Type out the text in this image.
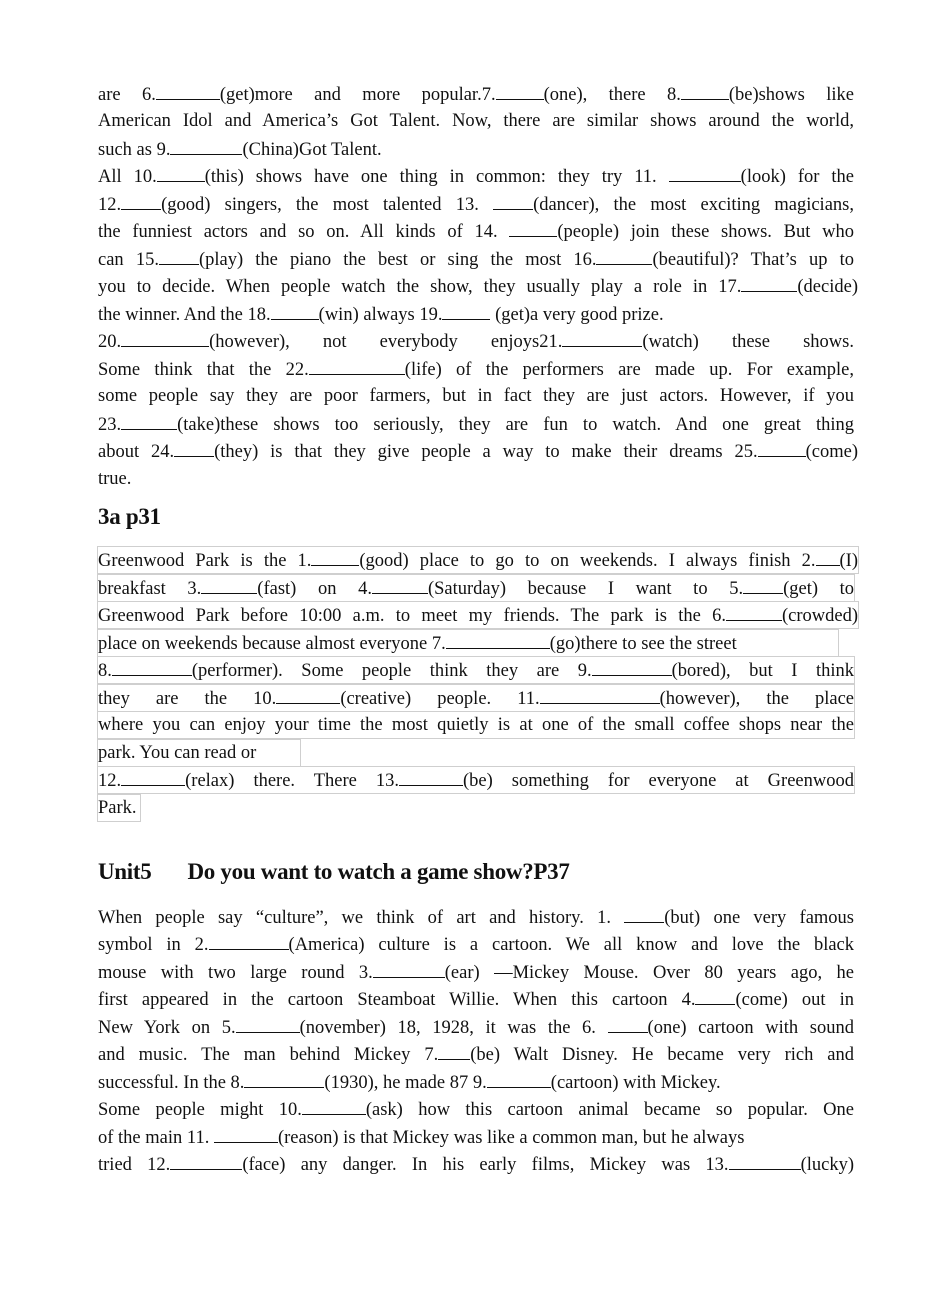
are 6.	(get)more and more popular.7.	(one), there 8.	(be)shows like
American Idol and America’s Got Talent. Now, there are similar shows around the world,
such as 9.	(China)Got Talent.
All 10.	(this) shows have one thing in common: they try 11.	(look) for the
12. (good) singers, the most talented 13. (dancer), the most exciting magicians,
the funniest actors and so on. All kinds of 14.	(people) join these shows. But who
can 15. (play) the piano the best or sing the most 16.	(beautiful)? That’s up to
you to decide. When people watch the show, they usually play a role in 17.	(decide)
the winner. And the 18.	(win) always 19.	(get)a very good prize.
20.	(however), not everybody enjoys21.	(watch) these shows.
Some think that the 22.	(life) of the performers are made up. For example,
some people say they are poor farmers, but in fact they are just actors. However, if you
23.	(take)these shows too seriously, they are fun to watch. And one great thing
about 24. (they) is that they give people a way to make their dreams 25.	(come)
true.
3a p31
Greenwood Park is the 1.	(good) place to go to on weekends. I always finish 2. (I)
breakfast 3.	(fast) on 4.	(Saturday) because I want to 5. (get) to
Greenwood Park before 10:00 a.m. to meet my friends. The park is the 6.	(crowded)
place on weekends because almost everyone 7.	(go)there to see the street
8.	(performer). Some people think they are 9.	(bored), but I think
they are the 10.	(creative) people. 11.	(however), the place
where you can enjoy your time the most quietly is at one of the small coffee shops near the
park. You can read or
12.	(relax) there. There 13.	(be) something for everyone at Greenwood
Park.
Unit5 Do you want to watch a game show?P37
When people say “culture”, we think of art and history. 1. (but) one very famous
symbol in 2.	(America) culture is a cartoon. We all know and love the black
mouse with two large round 3.	(ear) —Mickey Mouse. Over 80 years ago, he
first appeared in the cartoon Steamboat Willie. When this cartoon 4. (come) out in
New York on 5.	(november) 18, 1928, it was the 6. (one) cartoon with sound
and music. The man behind Mickey 7. (be) Walt Disney. He became very rich and
successful. In the 8.	(1930), he made 87 9.	(cartoon) with Mickey.
Some people might 10.	(ask) how this cartoon animal became so popular. One
of the main 11.	(reason) is that Mickey was like a common man, but he always
tried 12.	(face) any danger. In his early films, Mickey was 13.	(lucky)
